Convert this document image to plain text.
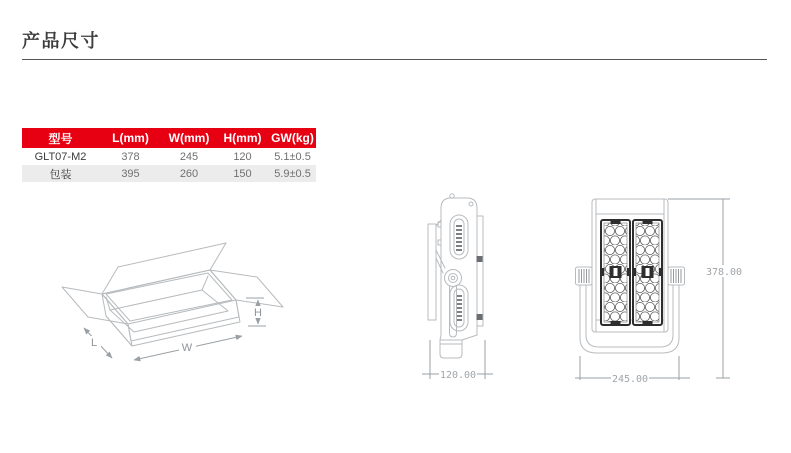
产品尺寸
型号	L(mm)	W(mm)	H(mm)	GW(kg)
GLT07-M2	378	245	120	5.1±0.5
包装	395	260	150	5.9±0.5
L	W
H
120.00
378.00
245.00
